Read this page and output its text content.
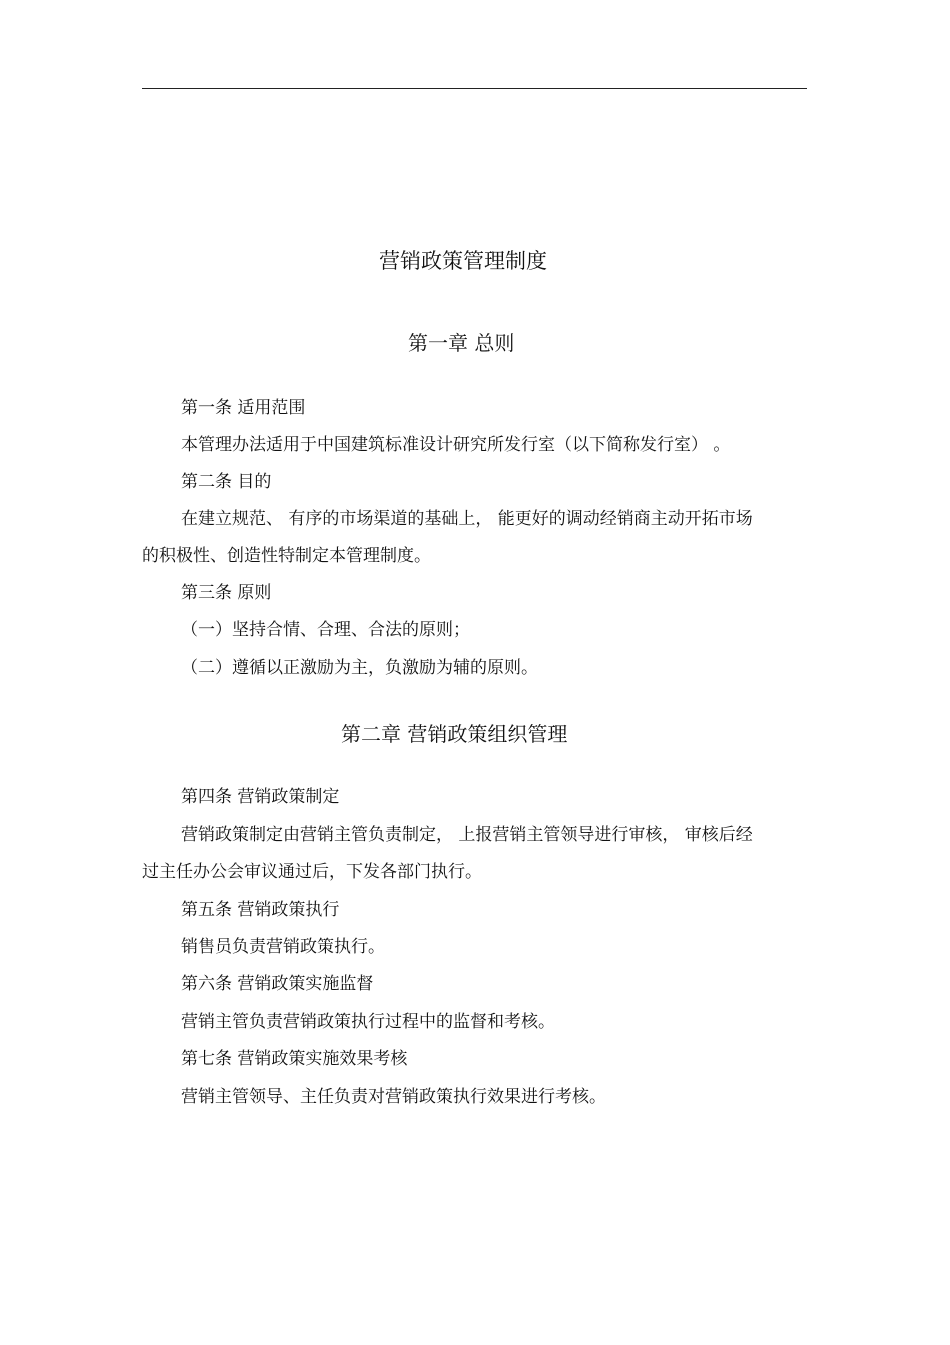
营销政策管理制度
第一章 总则
第一条 适用范围
本管理办法适用于中国建筑标准设计研究所发行室（以下简称发行室） 。
第二条 目的
在建立规范、 有序的市场渠道的基础上， 能更好的调动经销商主动开拓市场
的积极性、创造性特制定本管理制度。
第三条 原则
（一）坚持合情、合理、合法的原则；
（二）遵循以正激励为主，负激励为辅的原则。
第二章 营销政策组织管理
第四条 营销政策制定
营销政策制定由营销主管负责制定， 上报营销主管领导进行审核， 审核后经
过主任办公会审议通过后，下发各部门执行。
第五条 营销政策执行
销售员负责营销政策执行。
第六条 营销政策实施监督
营销主管负责营销政策执行过程中的监督和考核。
第七条 营销政策实施效果考核
营销主管领导、主任负责对营销政策执行效果进行考核。
